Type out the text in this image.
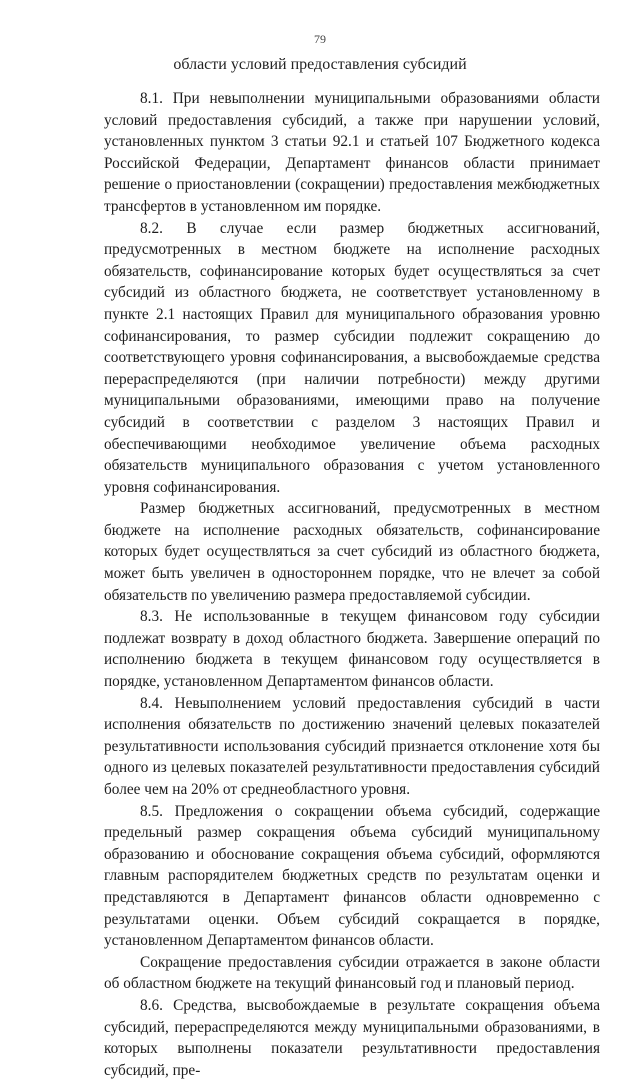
79
области условий предоставления субсидий

8.1. При невыполнении муниципальными образованиями области условий предоставления субсидий, а также при нарушении условий, установленных пунктом 3 статьи 92.1 и статьей 107 Бюджетного кодекса Российской Федерации, Департамент финансов области принимает решение о приостановлении (сокращении) предоставления межбюджетных трансфертов в установленном им порядке.

8.2. В случае если размер бюджетных ассигнований, предусмотренных в местном бюджете на исполнение расходных обязательств, софинансирование которых будет осуществляться за счет субсидий из областного бюджета, не соответствует установленному в пункте 2.1 настоящих Правил для муниципального образования уровню софинансирования, то размер субсидии подлежит сокращению до соответствующего уровня софинансирования, а высвобождаемые средства перераспределяются (при наличии потребности) между другими муниципальными образованиями, имеющими право на получение субсидий в соответствии с разделом 3 настоящих Правил и обеспечивающими необходимое увеличение объема расходных обязательств муниципального образования с учетом установленного уровня софинансирования.

Размер бюджетных ассигнований, предусмотренных в местном бюджете на исполнение расходных обязательств, софинансирование которых будет осуществляться за счет субсидий из областного бюджета, может быть увеличен в одностороннем порядке, что не влечет за собой обязательств по увеличению размера предоставляемой субсидии.

8.3. Не использованные в текущем финансовом году субсидии подлежат возврату в доход областного бюджета. Завершение операций по исполнению бюджета в текущем финансовом году осуществляется в порядке, установленном Департаментом финансов области.

8.4. Невыполнением условий предоставления субсидий в части исполнения обязательств по достижению значений целевых показателей результативности использования субсидий признается отклонение хотя бы одного из целевых показателей результативности предоставления субсидий более чем на 20% от среднеобластного уровня.

8.5. Предложения о сокращении объема субсидий, содержащие предельный размер сокращения объема субсидий муниципальному образованию и обоснование сокращения объема субсидий, оформляются главным распорядителем бюджетных средств по результатам оценки и представляются в Департамент финансов области одновременно с результатами оценки. Объем субсидий сокращается в порядке, установленном Департаментом финансов области.

Сокращение предоставления субсидии отражается в законе области об областном бюджете на текущий финансовый год и плановый период.

8.6. Средства, высвобождаемые в результате сокращения объема субсидий, перераспределяются между муниципальными образованиями, в которых выполнены показатели результативности предоставления субсидий, пре-
